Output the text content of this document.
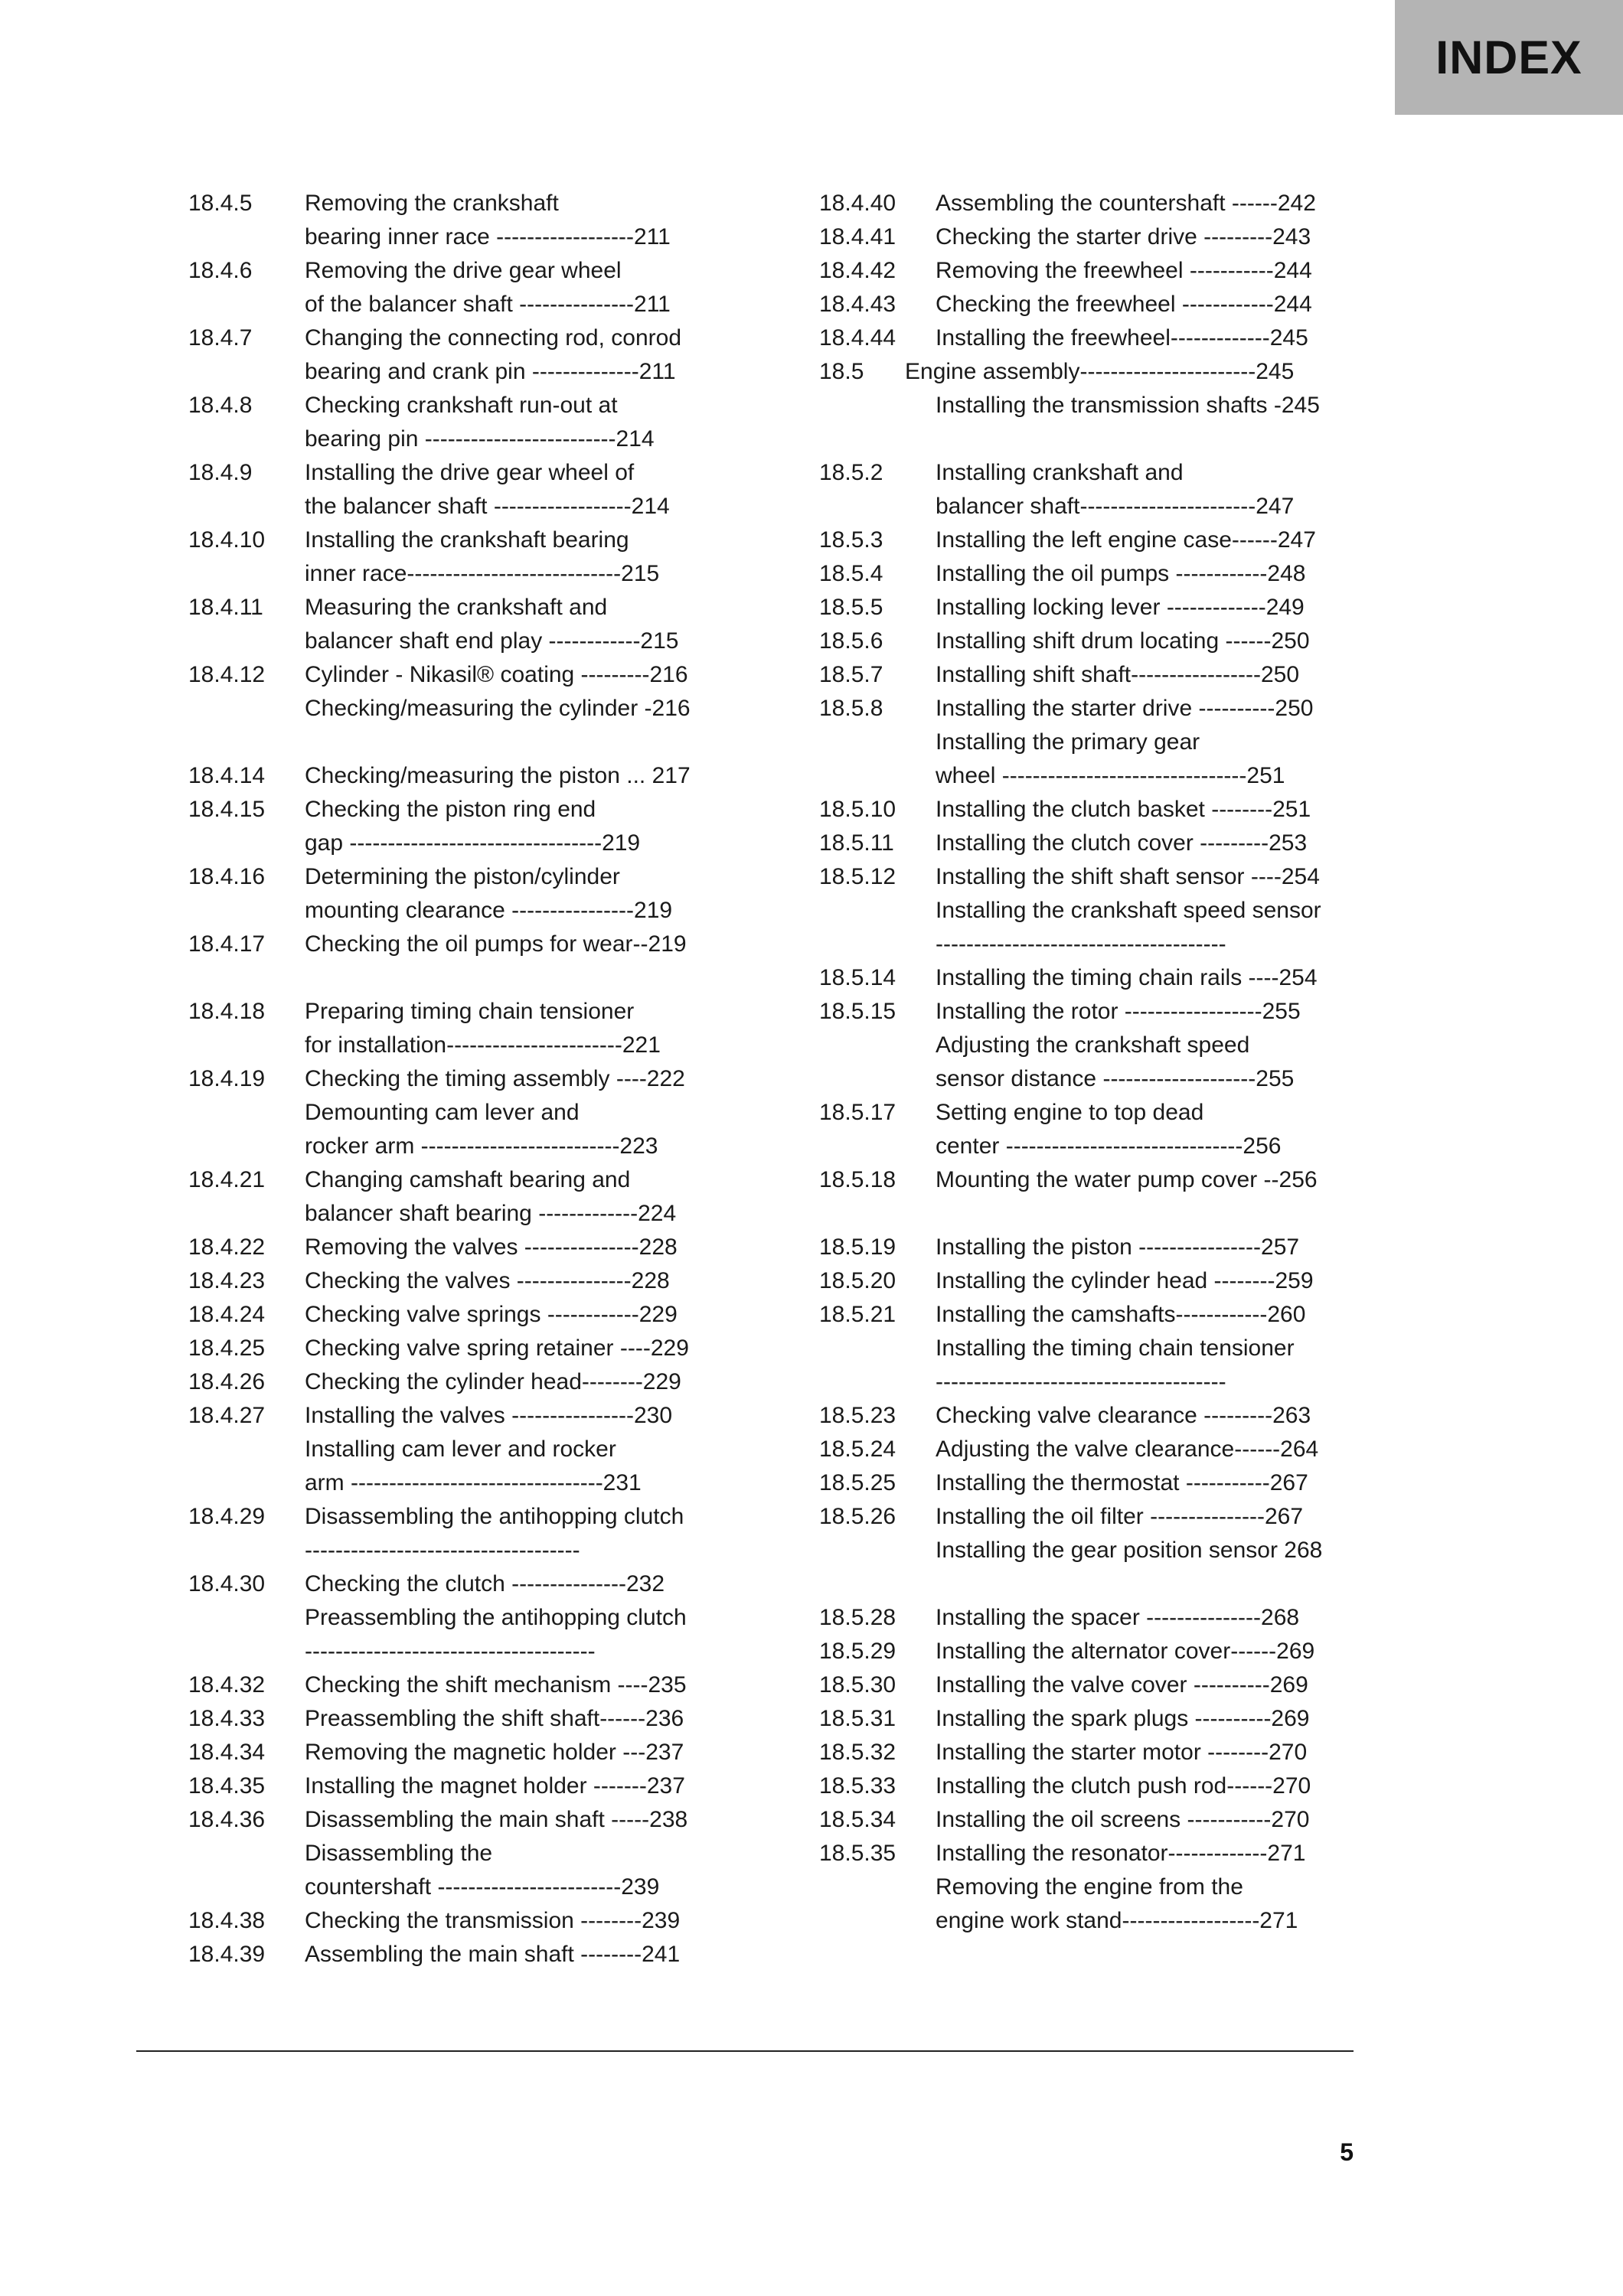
INDEX
18.4.5	Removing the crankshaft
bearing inner race ------------------211
18.4.6	Removing the drive gear wheel
of the balancer shaft ---------------211
18.4.7	Changing the connecting rod, conrod
bearing and crank pin --------------211
18.4.8	Checking crankshaft run-out at
bearing pin -------------------------214
18.4.9	Installing the drive gear wheel of
the balancer shaft ------------------214
18.4.10	Installing the crankshaft bearing
inner race----------------------------215
18.4.11	Measuring the crankshaft and
balancer shaft end play ------------215
18.4.12	Cylinder - Nikasil® coating ---------216
Checking/measuring the cylinder -216
18.4.14	Checking/measuring the piston ... 217
18.4.15	Checking the piston ring end
gap ---------------------------------219
18.4.16	Determining the piston/cylinder
mounting clearance ----------------219
18.4.17	Checking the oil pumps for wear--219
18.4.18	Preparing timing chain tensioner
for installation-----------------------221
18.4.19	Checking the timing assembly ----222
Demounting cam lever and
rocker arm --------------------------223
18.4.21	Changing camshaft bearing and
balancer shaft bearing -------------224
18.4.22	Removing the valves ---------------228
18.4.23	Checking the valves ---------------228
18.4.24	Checking valve springs ------------229
18.4.25	Checking valve spring retainer ----229
18.4.26	Checking the cylinder head--------229
18.4.27	Installing the valves ----------------230
Installing cam lever and rocker
arm ---------------------------------231
18.4.29	Disassembling the antihopping clutch
------------------------------------
18.4.30	Checking the clutch ---------------232
Preassembling the antihopping clutch
--------------------------------------
18.4.32	Checking the shift mechanism ----235
18.4.33	Preassembling the shift shaft------236
18.4.34	Removing the magnetic holder ---237
18.4.35	Installing the magnet holder -------237
18.4.36	Disassembling the main shaft -----238
Disassembling the
countershaft ------------------------239
18.4.38	Checking the transmission --------239
18.4.39	Assembling the main shaft --------241
18.4.40	Assembling the countershaft ------242
18.4.41	Checking the starter drive ---------243
18.4.42	Removing the freewheel -----------244
18.4.43	Checking the freewheel ------------244
18.4.44	Installing the freewheel-------------245
18.5	Engine assembly-----------------------245
Installing the transmission shafts -245
18.5.2	Installing crankshaft and
balancer shaft-----------------------247
18.5.3	Installing the left engine case------247
18.5.4	Installing the oil pumps ------------248
18.5.5	Installing locking lever -------------249
18.5.6	Installing shift drum locating ------250
18.5.7	Installing shift shaft-----------------250
18.5.8	Installing the starter drive ----------250
Installing the primary gear
wheel --------------------------------251
18.5.10	Installing the clutch basket --------251
18.5.11	Installing the clutch cover ---------253
18.5.12	Installing the shift shaft sensor ----254
Installing the crankshaft speed sensor
--------------------------------------
18.5.14	Installing the timing chain rails ----254
18.5.15	Installing the rotor ------------------255
Adjusting the crankshaft speed
sensor distance --------------------255
18.5.17	Setting engine to top dead
center -------------------------------256
18.5.18	Mounting the water pump cover --256
18.5.19	Installing the piston ----------------257
18.5.20	Installing the cylinder head --------259
18.5.21	Installing the camshafts------------260
Installing the timing chain tensioner
--------------------------------------
18.5.23	Checking valve clearance ---------263
18.5.24	Adjusting the valve clearance------264
18.5.25	Installing the thermostat -----------267
18.5.26	Installing the oil filter ---------------267
Installing the gear position sensor 268
18.5.28	Installing the spacer ---------------268
18.5.29	Installing the alternator cover------269
18.5.30	Installing the valve cover ----------269
18.5.31	Installing the spark plugs ----------269
18.5.32	Installing the starter motor --------270
18.5.33	Installing the clutch push rod------270
18.5.34	Installing the oil screens -----------270
18.5.35	Installing the resonator-------------271
Removing the engine from the
engine work stand------------------271
5
